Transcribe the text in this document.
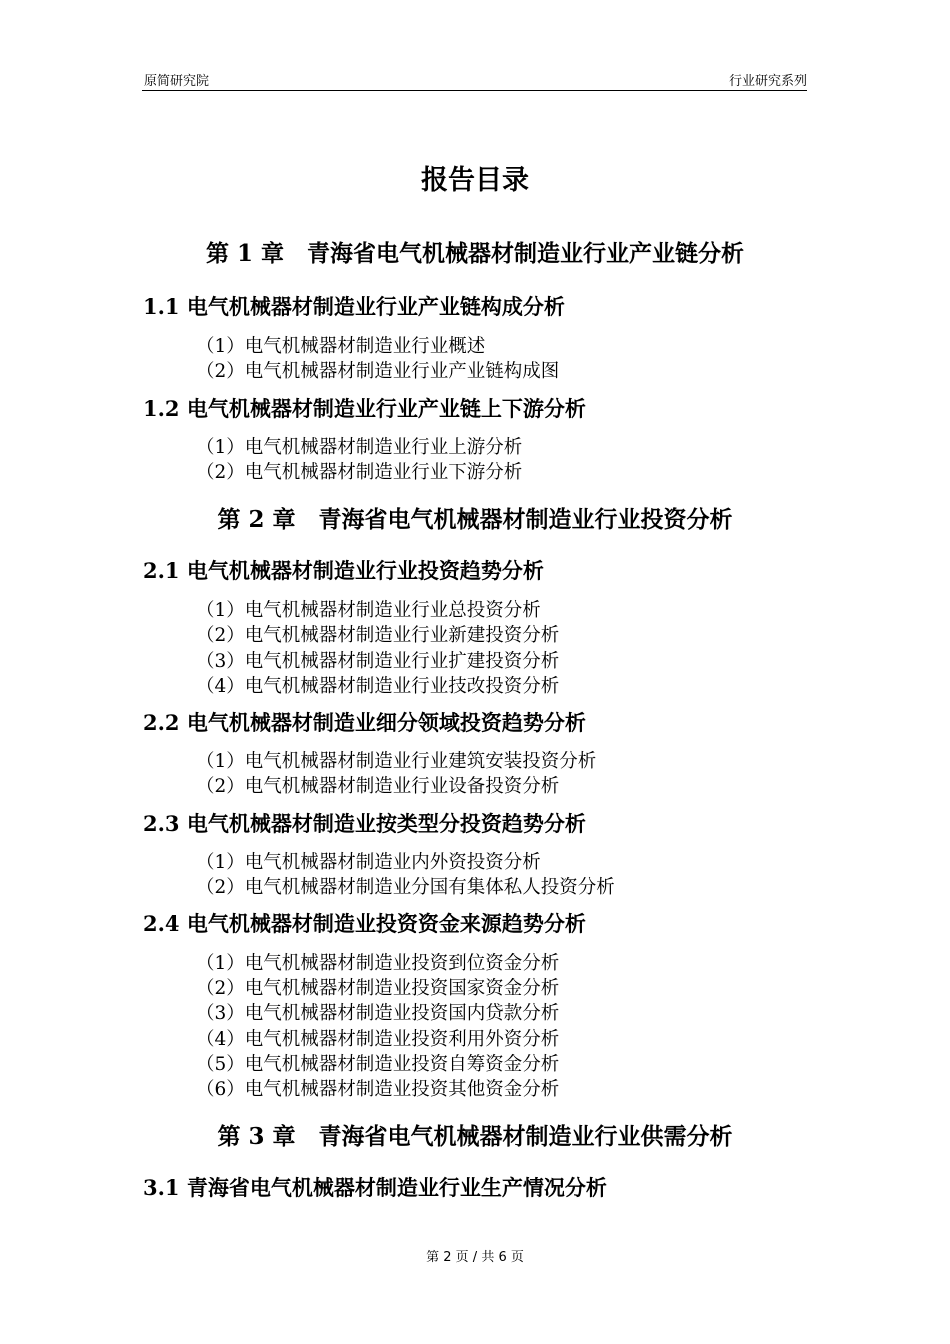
原简研究院	行业研究系列
报告目录
第 1 章　青海省电气机械器材制造业行业产业链分析
1.1 电气机械器材制造业行业产业链构成分析
（1）电气机械器材制造业行业概述
（2）电气机械器材制造业行业产业链构成图
1.2 电气机械器材制造业行业产业链上下游分析
（1）电气机械器材制造业行业上游分析
（2）电气机械器材制造业行业下游分析
第 2 章　青海省电气机械器材制造业行业投资分析
2.1 电气机械器材制造业行业投资趋势分析
（1）电气机械器材制造业行业总投资分析
（2）电气机械器材制造业行业新建投资分析
（3）电气机械器材制造业行业扩建投资分析
（4）电气机械器材制造业行业技改投资分析
2.2 电气机械器材制造业细分领域投资趋势分析
（1）电气机械器材制造业行业建筑安装投资分析
（2）电气机械器材制造业行业设备投资分析
2.3 电气机械器材制造业按类型分投资趋势分析
（1）电气机械器材制造业内外资投资分析
（2）电气机械器材制造业分国有集体私人投资分析
2.4 电气机械器材制造业投资资金来源趋势分析
（1）电气机械器材制造业投资到位资金分析
（2）电气机械器材制造业投资国家资金分析
（3）电气机械器材制造业投资国内贷款分析
（4）电气机械器材制造业投资利用外资分析
（5）电气机械器材制造业投资自筹资金分析
（6）电气机械器材制造业投资其他资金分析
第 3 章　青海省电气机械器材制造业行业供需分析
3.1 青海省电气机械器材制造业行业生产情况分析
第 2 页 / 共 6 页
